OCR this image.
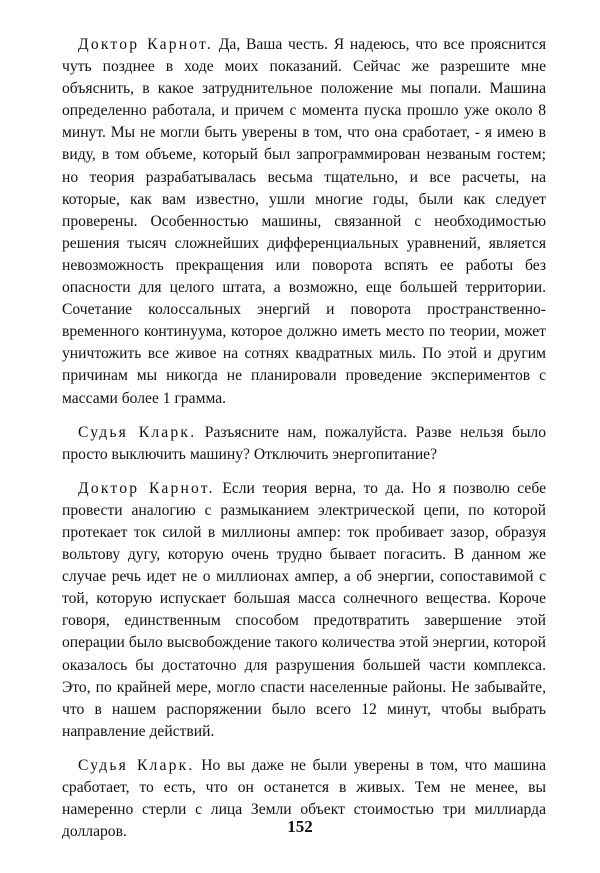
Доктор Карнот. Да, Ваша честь. Я надеюсь, что все прояснится чуть позднее в ходе моих показаний. Сейчас же разрешите мне объяснить, в какое затруднительное положение мы попали. Машина определенно работала, и причем с момента пуска прошло уже около 8 минут. Мы не могли быть уверены в том, что она сработает, - я имею в виду, в том объеме, который был запрограммирован незваным гостем; но теория разрабатывалась весьма тщательно, и все расчеты, на которые, как вам известно, ушли многие годы, были как следует проверены. Особенностью машины, связанной с необходимостью решения тысяч сложнейших дифференциальных уравнений, является невозможность прекращения или поворота вспять ее работы без опасности для целого штата, а возможно, еще большей территории. Сочетание колоссальных энергий и поворота пространственно-временного континуума, которое должно иметь место по теории, может уничтожить все живое на сотнях квадратных миль. По этой и другим причинам мы никогда не планировали проведение экспериментов с массами более 1 грамма.

Судья Кларк. Разъясните нам, пожалуйста. Разве нельзя было просто выключить машину? Отключить энергопитание?

Доктор Карнот. Если теория верна, то да. Но я позволю себе провести аналогию с размыканием электрической цепи, по которой протекает ток силой в миллионы ампер: ток пробивает зазор, образуя вольтову дугу, которую очень трудно бывает погасить. В данном же случае речь идет не о миллионах ампер, а об энергии, сопоставимой с той, которую испускает большая масса солнечного вещества. Короче говоря, единственным способом предотвратить завершение этой операции было высвобождение такого количества этой энергии, которой оказалось бы достаточно для разрушения большей части комплекса. Это, по крайней мере, могло спасти населенные районы. Не забывайте, что в нашем распоряжении было всего 12 минут, чтобы выбрать направление действий.

Судья Кларк. Но вы даже не были уверены в том, что машина сработает, то есть, что он останется в живых. Тем не менее, вы намеренно стерли с лица Земли объект стоимостью три миллиарда долларов.	152
